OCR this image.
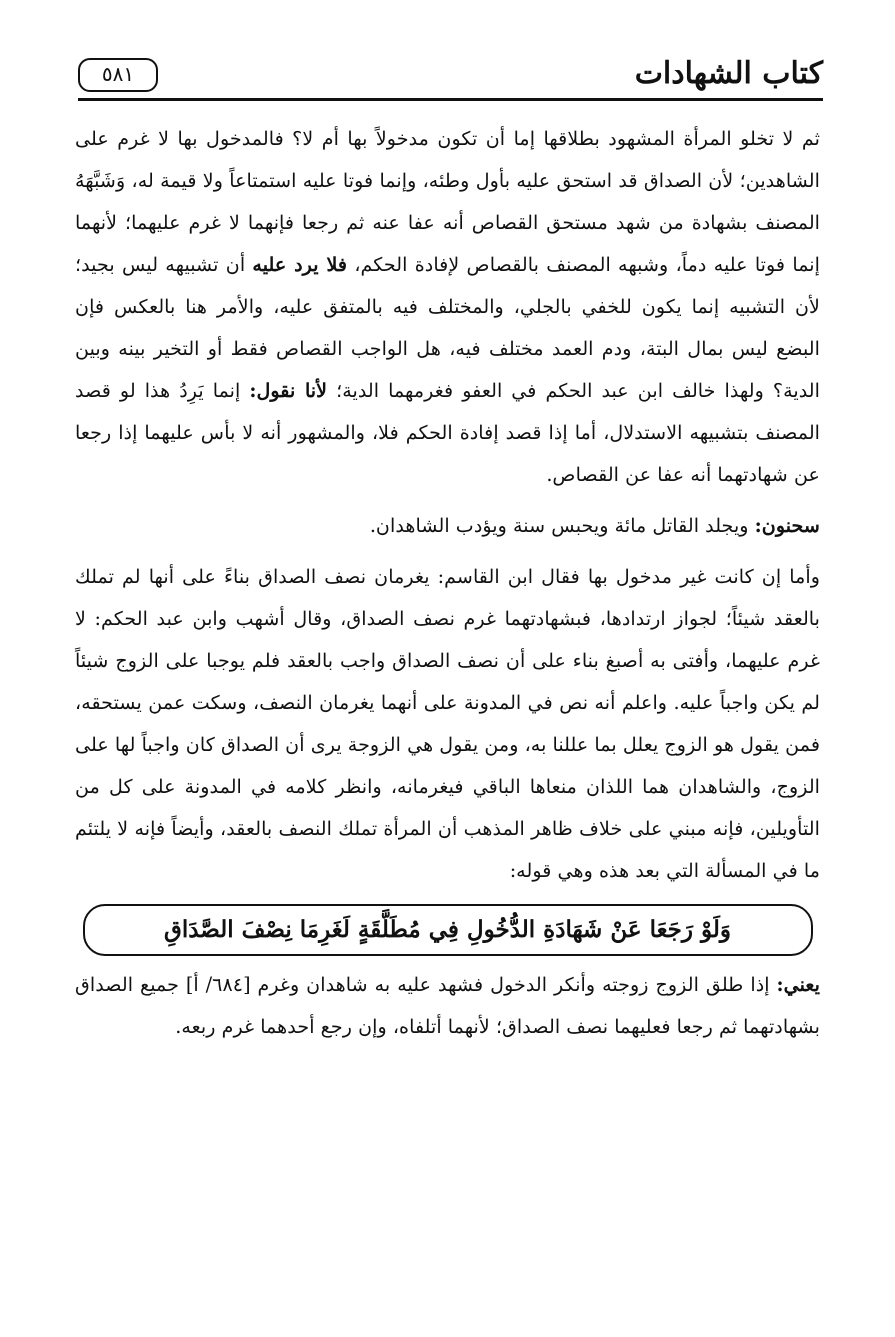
كتاب الشهادات
٥٨١

ثم لا تخلو المرأة المشهود بطلاقها إما أن تكون مدخولاً بها أم لا؟ فالمدخول بها لا غرم على الشاهدين؛ لأن الصداق قد استحق عليه بأول وطئه، وإنما فوتا عليه استمتاعاً ولا قيمة له، وَشَبَّهَهُ المصنف بشهادة من شهد مستحق القصاص أنه عفا عنه ثم رجعا فإنهما لا غرم عليهما؛ لأنهما إنما فوتا عليه دماً، وشبهه المصنف بالقصاص لإفادة الحكم، فلا يرد عليه أن تشبيهه ليس بجيد؛ لأن التشبيه إنما يكون للخفي بالجلي، والمختلف فيه بالمتفق عليه، والأمر هنا بالعكس فإن البضع ليس بمال البتة، ودم العمد مختلف فيه، هل الواجب القصاص فقط أو التخير بينه وبين الدية؟ ولهذا خالف ابن عبد الحكم في العفو فغرمهما الدية؛ لأنا نقول: إنما يَرِدُ هذا لو قصد المصنف بتشبيهه الاستدلال، أما إذا قصد إفادة الحكم فلا، والمشهور أنه لا بأس عليهما إذا رجعا عن شهادتهما أنه عفا عن القصاص.

سحنون: ويجلد القاتل مائة ويحبس سنة ويؤدب الشاهدان.

وأما إن كانت غير مدخول بها فقال ابن القاسم: يغرمان نصف الصداق بناءً على أنها لم تملك بالعقد شيئاً؛ لجواز ارتدادها، فبشهادتهما غرم نصف الصداق، وقال أشهب وابن عبد الحكم: لا غرم عليهما، وأفتى به أصبغ بناء على أن نصف الصداق واجب بالعقد فلم يوجبا على الزوج شيئاً لم يكن واجباً عليه. واعلم أنه نص في المدونة على أنهما يغرمان النصف، وسكت عمن يستحقه، فمن يقول هو الزوج يعلل بما عللنا به، ومن يقول هي الزوجة يرى أن الصداق كان واجباً لها على الزوج، والشاهدان هما اللذان منعاها الباقي فيغرمانه، وانظر كلامه في المدونة على كل من التأويلين، فإنه مبني على خلاف ظاهر المذهب أن المرأة تملك النصف بالعقد، وأيضاً فإنه لا يلتئم ما في المسألة التي بعد هذه وهي قوله:

وَلَوْ رَجَعَا عَنْ شَهَادَةِ الدُّخُولِ فِي مُطَلَّقَةٍ لَغَرِمَا نِصْفَ الصَّدَاقِ

يعني: إذا طلق الزوج زوجته وأنكر الدخول فشهد عليه به شاهدان وغرم [٦٨٤/ أ] جميع الصداق بشهادتهما ثم رجعا فعليهما نصف الصداق؛ لأنهما أتلفاه، وإن رجع أحدهما غرم ربعه.
